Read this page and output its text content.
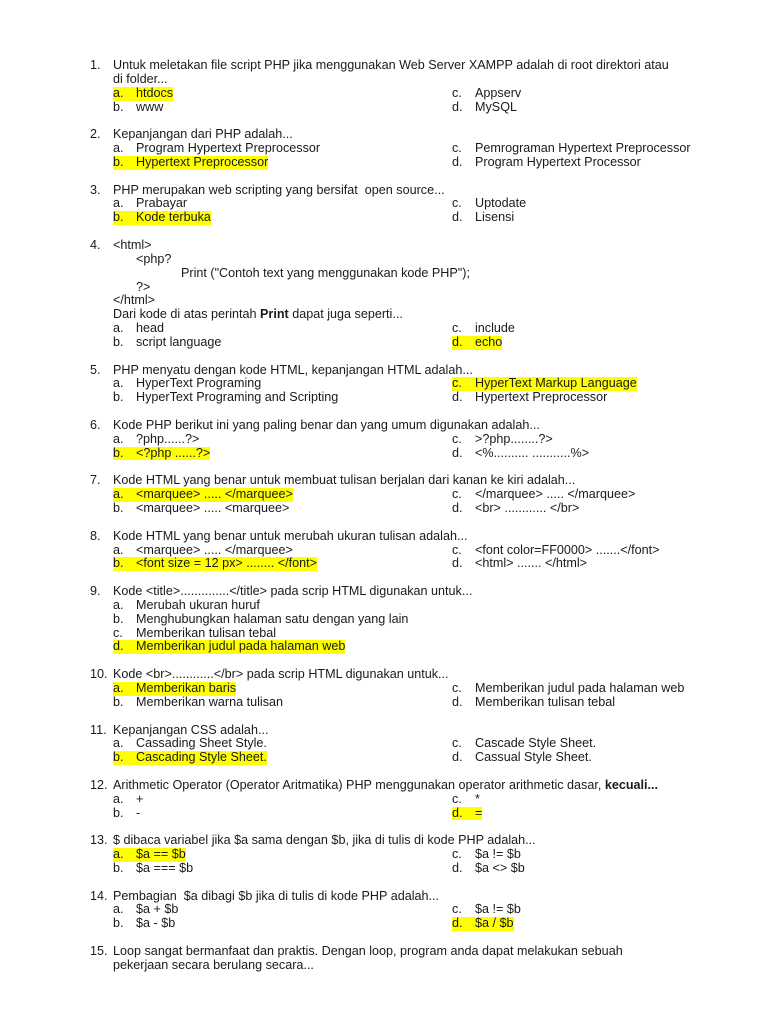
1. Untuk meletakan file script PHP jika menggunakan Web Server XAMPP adalah di root direktori atau
di folder...
a. htdocs
b. www
c. Appserv
d. MySQL
2. Kepanjangan dari PHP adalah...
a. Program Hypertext Preprocessor
b. Hypertext Preprocessor
c. Pemrograman Hypertext Preprocessor
d. Program Hypertext Processor
3. PHP merupakan web scripting yang bersifat  open source...
a. Prabayar
b. Kode terbuka
c. Uptodate
d. Lisensi
4. <html>
<php?
Print ("Contoh text yang menggunakan kode PHP");
?>
</html>
Dari kode di atas perintah Print dapat juga seperti...
a. head
b. script language
c. include
d. echo
5. PHP menyatu dengan kode HTML, kepanjangan HTML adalah...
a. HyperText Programing
b. HyperText Programing and Scripting
c. HyperText Markup Language
d. Hypertext Preprocessor
6. Kode PHP berikut ini yang paling benar dan yang umum digunakan adalah...
a. ?php......?>
b. <?php ......?>
c. >?php........?>
d. <%.......... ...........%>
7. Kode HTML yang benar untuk membuat tulisan berjalan dari kanan ke kiri adalah...
a. <marquee> ..... </marquee>
b. <marquee> ..... <marquee>
c. </marquee> ..... </marquee>
d. <br> ............ </br>
8. Kode HTML yang benar untuk merubah ukuran tulisan adalah...
a. <marquee> ..... </marquee>
b. <font size = 12 px> ........ </font>
c. <font color=FF0000> .......</font>
d. <html> ....... </html>
9. Kode <title>..............</title> pada scrip HTML digunakan untuk...
a. Merubah ukuran huruf
b. Menghubungkan halaman satu dengan yang lain
c. Memberikan tulisan tebal
d. Memberikan judul pada halaman web
10. Kode <br>............</br> pada scrip HTML digunakan untuk...
a. Memberikan baris
b. Memberikan warna tulisan
c. Memberikan judul pada halaman web
d. Memberikan tulisan tebal
11. Kepanjangan CSS adalah...
a. Cassading Sheet Style.
b. Cascading Style Sheet.
c. Cascade Style Sheet.
d. Cassual Style Sheet.
12. Arithmetic Operator (Operator Aritmatika) PHP menggunakan operator arithmetic dasar, kecuali...
a. +
b. -
c. *
d. =
13. $ dibaca variabel jika $a sama dengan $b, jika di tulis di kode PHP adalah...
a. $a == $b
b. $a === $b
c. $a != $b
d. $a <> $b
14. Pembagian  $a dibagi $b jika di tulis di kode PHP adalah...
a. $a + $b
b. $a - $b
c. $a != $b
d. $a / $b
15. Loop sangat bermanfaat dan praktis. Dengan loop, program anda dapat melakukan sebuah
pekerjaan secara berulang secara...
